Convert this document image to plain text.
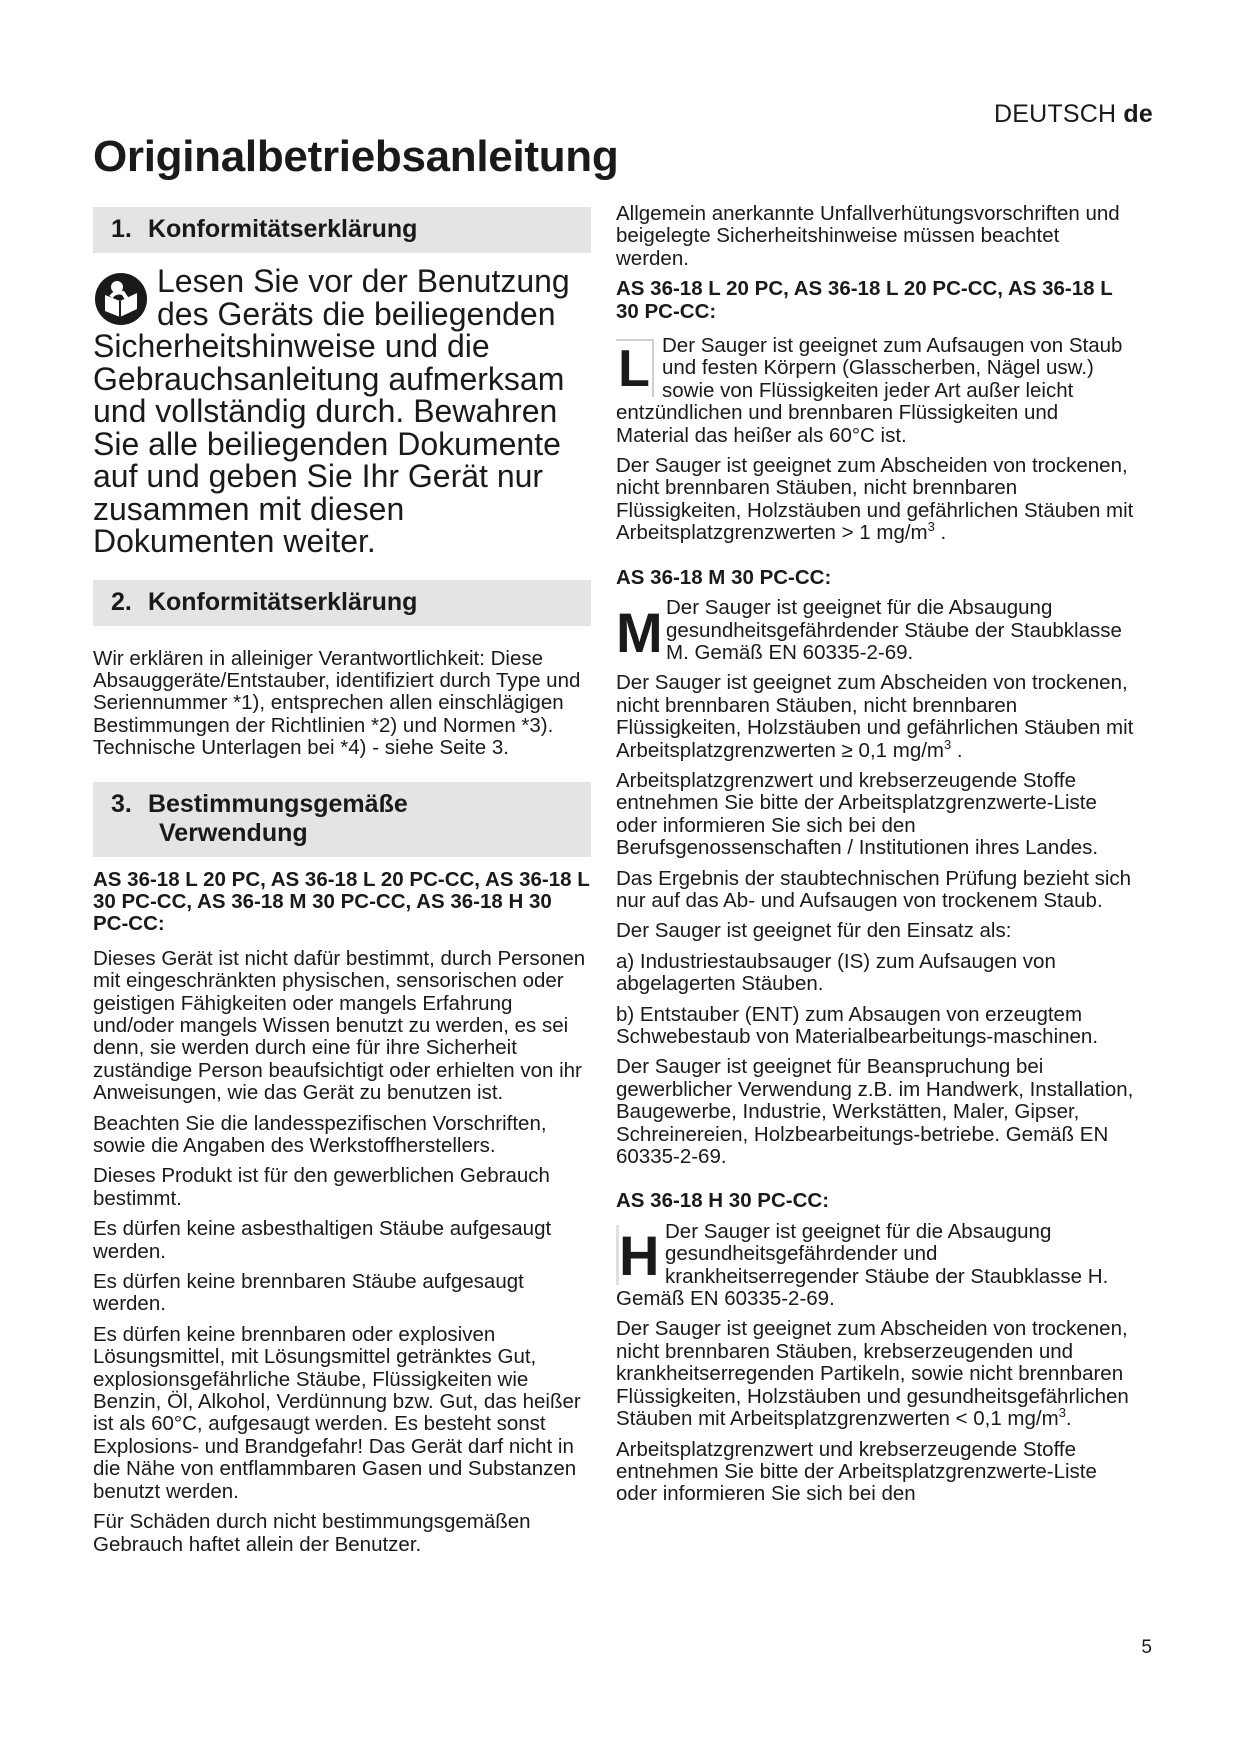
DEUTSCH de
Originalbetriebsanleitung
1. Konformitätserklärung
Lesen Sie vor der Benutzung des Geräts die beiliegenden Sicherheitshinweise und die Gebrauchsanleitung aufmerksam und vollständig durch. Bewahren Sie alle beiliegenden Dokumente auf und geben Sie Ihr Gerät nur zusammen mit diesen Dokumenten weiter.
2. Konformitätserklärung

Wir erklären in alleiniger Verantwortlichkeit: Diese Absauggeräte/Entstauber, identifiziert durch Type und Seriennummer *1), entsprechen allen einschlägigen Bestimmungen der Richtlinien *2) und Normen *3). Technische Unterlagen bei *4) - siehe Seite 3.

3. Bestimmungsgemäße
Verwendung

AS 36-18 L 20 PC, AS 36-18 L 20 PC-CC, AS 36-18 L 30 PC-CC, AS 36-18 M 30 PC-CC, AS 36-18 H 30 PC-CC:

Dieses Gerät ist nicht dafür bestimmt, durch Personen mit eingeschränkten physischen, sensorischen oder geistigen Fähigkeiten oder mangels Erfahrung und/oder mangels Wissen benutzt zu werden, es sei denn, sie werden durch eine für ihre Sicherheit zuständige Person beaufsichtigt oder erhielten von ihr Anweisungen, wie das Gerät zu benutzen ist.

Beachten Sie die landesspezifischen Vorschriften, sowie die Angaben des Werkstoffherstellers.

Dieses Produkt ist für den gewerblichen Gebrauch bestimmt.

Es dürfen keine asbesthaltigen Stäube aufgesaugt werden.

Es dürfen keine brennbaren Stäube aufgesaugt werden.

Es dürfen keine brennbaren oder explosiven Lösungsmittel, mit Lösungsmittel getränktes Gut, explosionsgefährliche Stäube, Flüssigkeiten wie Benzin, Öl, Alkohol, Verdünnung bzw. Gut, das heißer ist als 60°C, aufgesaugt werden. Es besteht sonst Explosions- und Brandgefahr! Das Gerät darf nicht in die Nähe von entflammbaren Gasen und Substanzen benutzt werden.

Für Schäden durch nicht bestimmungsgemäßen Gebrauch haftet allein der Benutzer.

Allgemein anerkannte Unfallverhütungsvorschriften und beigelegte Sicherheitshinweise müssen beachtet werden.

AS 36-18 L 20 PC, AS 36-18 L 20 PC-CC, AS 36-18 L 30 PC-CC:

L Der Sauger ist geeignet zum Aufsaugen von Staub und festen Körpern (Glasscherben, Nägel usw.) sowie von Flüssigkeiten jeder Art außer leicht entzündlichen und brennbaren Flüssigkeiten und Material das heißer als 60°C ist.

Der Sauger ist geeignet zum Abscheiden von trockenen, nicht brennbaren Stäuben, nicht brennbaren Flüssigkeiten, Holzstäuben und gefährlichen Stäuben mit Arbeitsplatzgrenzwerten > 1 $mg/m^3$ .

AS 36-18 M 30 PC-CC:

M Der Sauger ist geeignet für die Absaugung gesundheitsgefährdender Stäube der Staubklasse M. Gemäß EN 60335-2-69.

Der Sauger ist geeignet zum Abscheiden von trockenen, nicht brennbaren Stäuben, nicht brennbaren Flüssigkeiten, Holzstäuben und gefährlichen Stäuben mit Arbeitsplatzgrenzwerten ≥ 0,1 $mg/m^3$ .

Arbeitsplatzgrenzwert und krebserzeugende Stoffe entnehmen Sie bitte der Arbeitsplatzgrenzwerte-Liste oder informieren Sie sich bei den Berufsgenossenschaften / Institutionen ihres Landes.

Das Ergebnis der staubtechnischen Prüfung bezieht sich nur auf das Ab- und Aufsaugen von trockenem Staub.

Der Sauger ist geeignet für den Einsatz als:

a) Industriestaubsauger (IS) zum Aufsaugen von abgelagerten Stäuben.

b) Entstauber (ENT) zum Absaugen von erzeugtem Schwebestaub von Materialbearbeitungs-maschinen.

Der Sauger ist geeignet für Beanspruchung bei gewerblicher Verwendung z.B. im Handwerk, Installation, Baugewerbe, Industrie, Werkstätten, Maler, Gipser, Schreinereien, Holzbearbeitungs-betriebe. Gemäß EN 60335-2-69.

AS 36-18 H 30 PC-CC:

H Der Sauger ist geeignet für die Absaugung gesundheitsgefährdender und krankheitserregender Stäube der Staubklasse H. Gemäß EN 60335-2-69.

Der Sauger ist geeignet zum Abscheiden von trockenen, nicht brennbaren Stäuben, krebserzeugenden und krankheitserregenden Partikeln, sowie nicht brennbaren Flüssigkeiten, Holzstäuben und gesundheitsgefährlichen Stäuben mit Arbeitsplatzgrenzwerten < 0,1 $mg/m^3$.

Arbeitsplatzgrenzwert und krebserzeugende Stoffe entnehmen Sie bitte der Arbeitsplatzgrenzwerte-Liste oder informieren Sie sich bei den

5
